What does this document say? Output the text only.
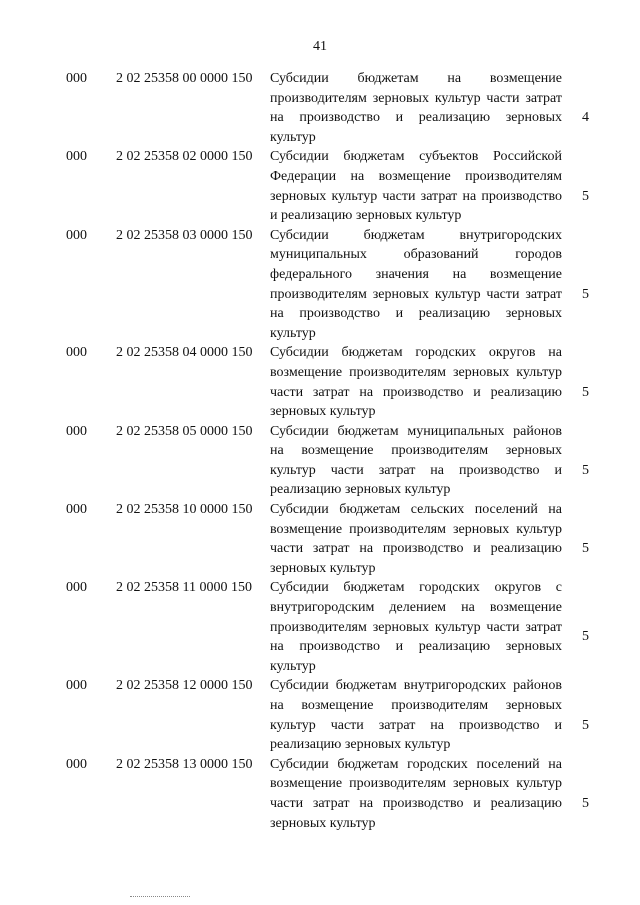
41
000 2 02 25358 00 0000 150 Субсидии бюджетам на возмещение производителям зерновых культур части затрат на производство и реализацию зерновых культур
4
000 2 02 25358 02 0000 150 Субсидии бюджетам субъектов Российской Федерации на возмещение производителям зерновых культур части затрат на производство и реализацию зерновых культур
5
000 2 02 25358 03 0000 150 Субсидии бюджетам внутригородских муниципальных образований городов федерального значения на возмещение производителям зерновых культур части затрат на производство и реализацию зерновых культур
5
000 2 02 25358 04 0000 150 Субсидии бюджетам городских округов на возмещение производителям зерновых культур части затрат на производство и реализацию зерновых культур
5
000 2 02 25358 05 0000 150 Субсидии бюджетам муниципальных районов на возмещение производителям зерновых культур части затрат на производство и реализацию зерновых культур
5
000 2 02 25358 10 0000 150 Субсидии бюджетам сельских поселений на возмещение производителям зерновых культур части затрат на производство и реализацию зерновых культур
5
000 2 02 25358 11 0000 150 Субсидии бюджетам городских округов с внутригородским делением на возмещение производителям зерновых культур части затрат на производство и реализацию зерновых культур
5
000 2 02 25358 12 0000 150 Субсидии бюджетам внутригородских районов на возмещение производителям зерновых культур части затрат на производство и реализацию зерновых культур
5
000 2 02 25358 13 0000 150 Субсидии бюджетам городских поселений на возмещение производителям зерновых культур части затрат на производство и реализацию зерновых культур
5
